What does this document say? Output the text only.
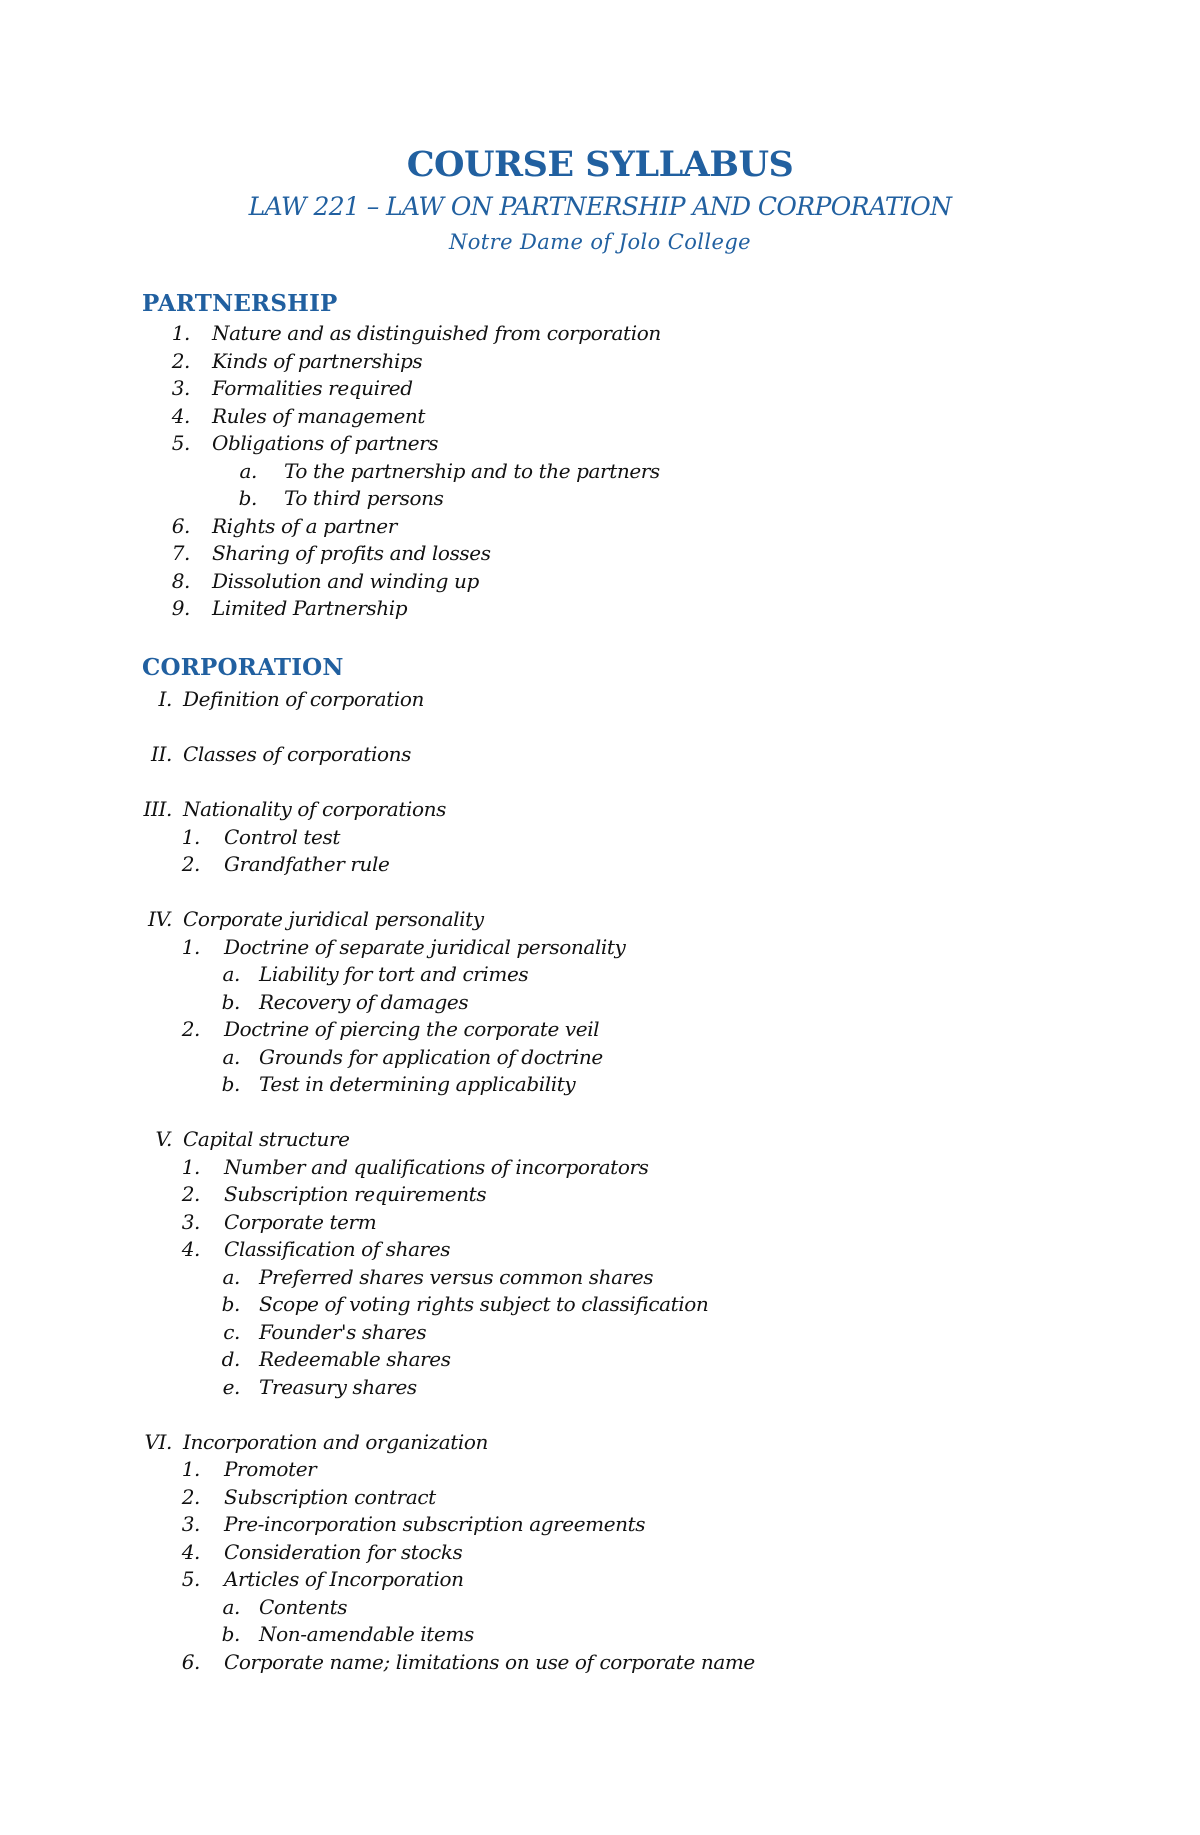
COURSE SYLLABUS
LAW 221 – LAW ON PARTNERSHIP AND CORPORATION
Notre Dame of Jolo College
PARTNERSHIP
1. Nature and as distinguished from corporation
2. Kinds of partnerships
3. Formalities required
4. Rules of management
5. Obligations of partners
a. To the partnership and to the partners
b. To third persons
6. Rights of a partner
7. Sharing of profits and losses
8. Dissolution and winding up
9. Limited Partnership
CORPORATION
I. Definition of corporation
II. Classes of corporations
III. Nationality of corporations
1. Control test
2. Grandfather rule
IV. Corporate juridical personality
1. Doctrine of separate juridical personality
a. Liability for tort and crimes
b. Recovery of damages
2. Doctrine of piercing the corporate veil
a. Grounds for application of doctrine
b. Test in determining applicability
V. Capital structure
1. Number and qualifications of incorporators
2. Subscription requirements
3. Corporate term
4. Classification of shares
a. Preferred shares versus common shares
b. Scope of voting rights subject to classification
c. Founder's shares
d. Redeemable shares
e. Treasury shares
VI. Incorporation and organization
1. Promoter
2. Subscription contract
3. Pre-incorporation subscription agreements
4. Consideration for stocks
5. Articles of Incorporation
a. Contents
b. Non-amendable items
6. Corporate name; limitations on use of corporate name
